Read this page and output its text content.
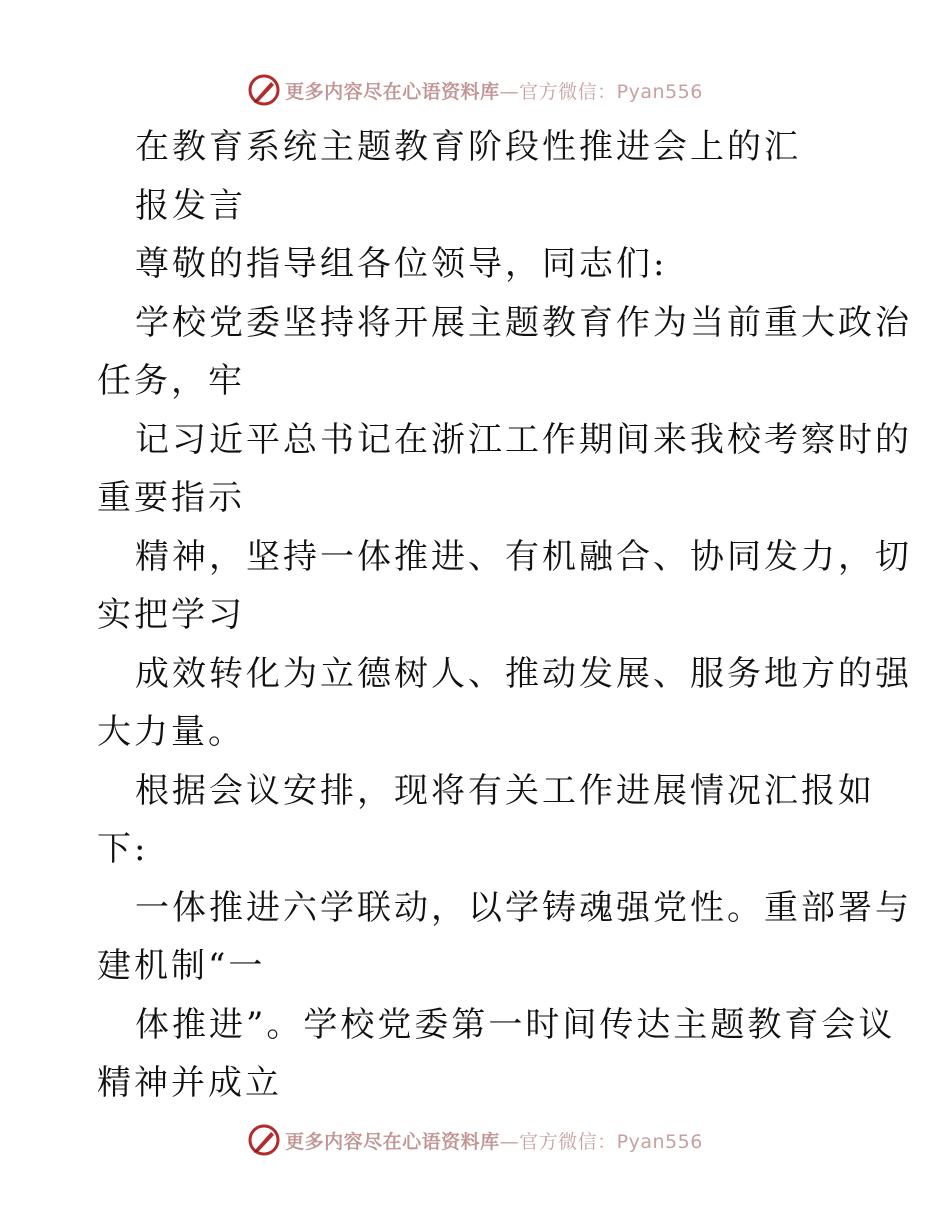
更多内容尽在心语资料库 —官方微信：Pyan556
在教育系统主题教育阶段性推进会上的汇
报发言
尊敬的指导组各位领导，同志们:
学校党委坚持将开展主题教育作为当前重大政治
任务，牢
记习近平总书记在浙江工作期间来我校考察时的
重要指示
精神，坚持一体推进、有机融合、协同发力，切
实把学习
成效转化为立德树人、推动发展、服务地方的强
大力量。
根据会议安排，现将有关工作进展情况汇报如
下:
一体推进六学联动，以学铸魂强党性。重部署与
建机制“一
体推进”。学校党委第一时间传达主题教育会议
精神并成立
更多内容尽在心语资料库 —官方微信：Pyan556
